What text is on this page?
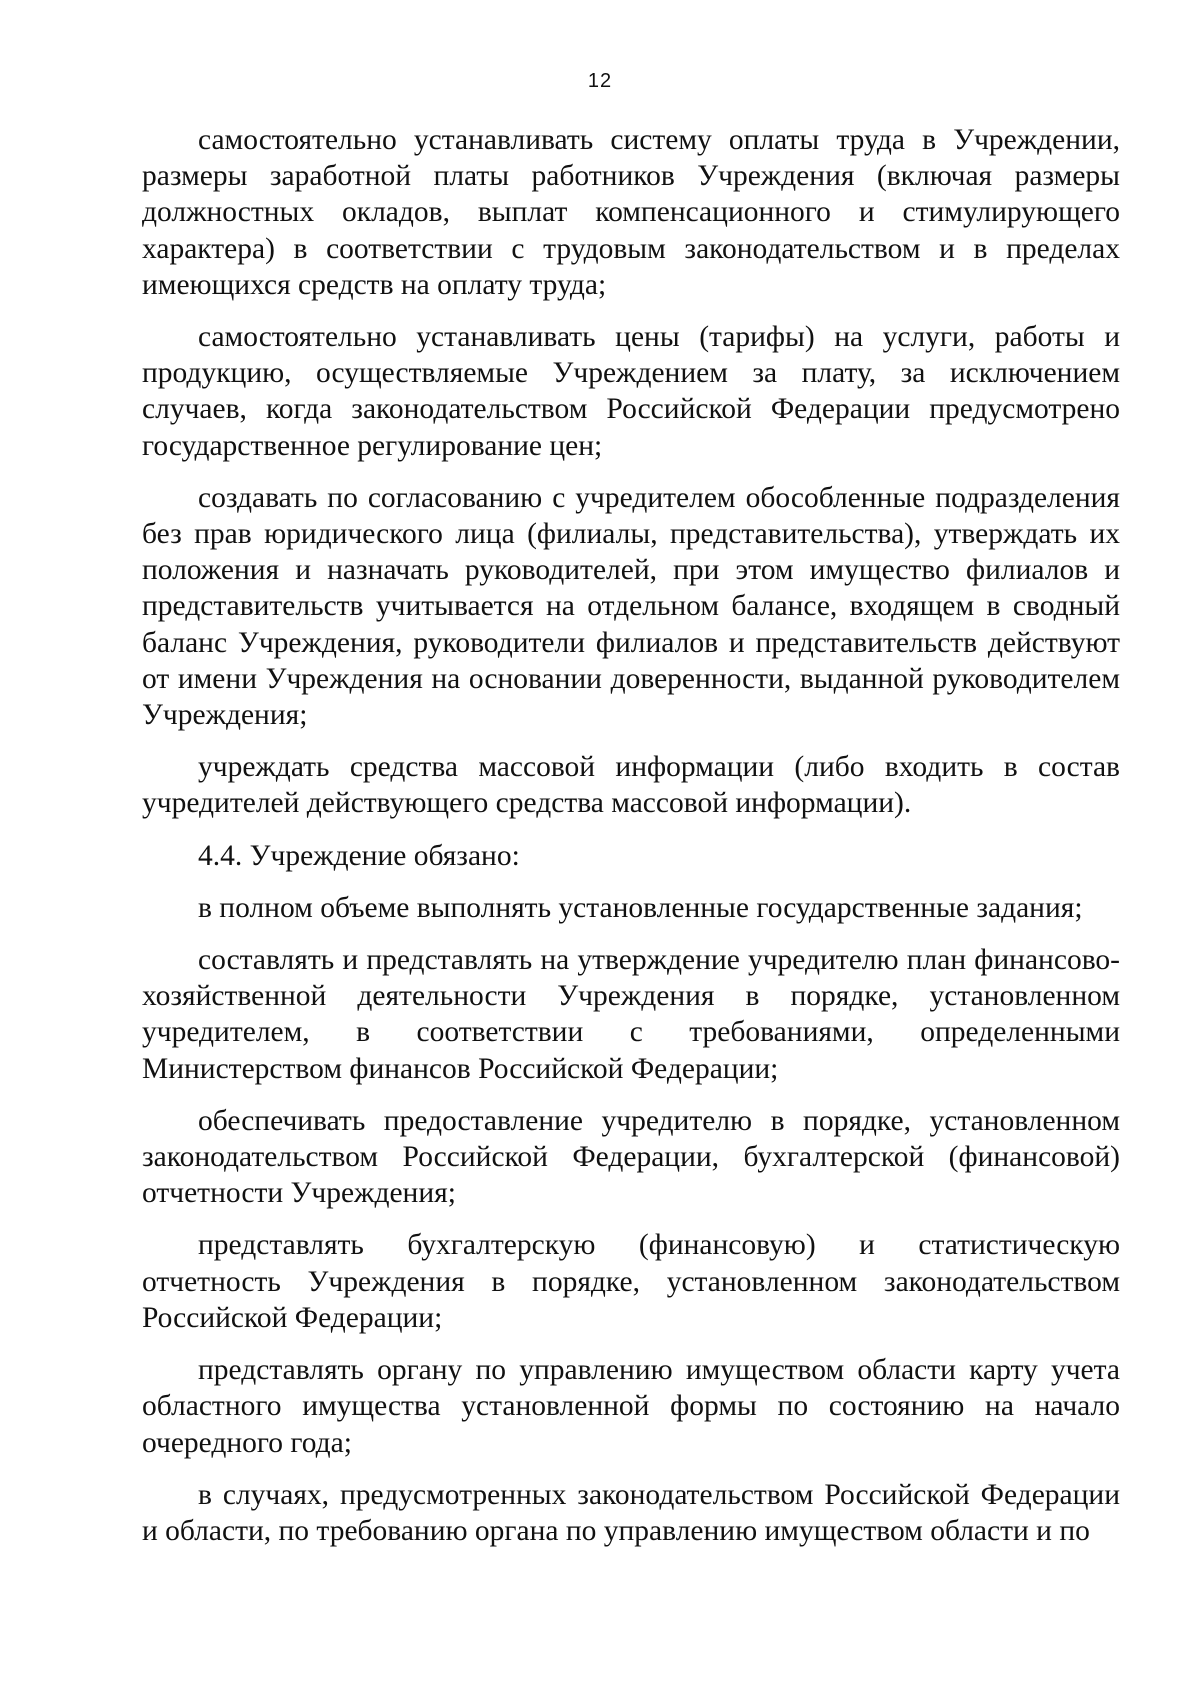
12

самостоятельно устанавливать систему оплаты труда в Учреждении, размеры заработной платы работников Учреждения (включая размеры должностных окладов, выплат компенсационного и стимулирующего характера) в соответствии с трудовым законодательством и в пределах имеющихся средств на оплату труда;

самостоятельно устанавливать цены (тарифы) на услуги, работы и продукцию, осуществляемые Учреждением за плату, за исключением случаев, когда законодательством Российской Федерации предусмотрено государственное регулирование цен;

создавать по согласованию с учредителем обособленные подразделения без прав юридического лица (филиалы, представительства), утверждать их положения и назначать руководителей, при этом имущество филиалов и представительств учитывается на отдельном балансе, входящем в сводный баланс Учреждения, руководители филиалов и представительств действуют от имени Учреждения на основании доверенности, выданной руководителем Учреждения;

учреждать средства массовой информации (либо входить в состав учредителей действующего средства массовой информации).

4.4. Учреждение обязано:

в полном объеме выполнять установленные государственные задания;

составлять и представлять на утверждение учредителю план финансово-хозяйственной деятельности Учреждения в порядке, установленном учредителем, в соответствии с требованиями, определенными Министерством финансов Российской Федерации;

обеспечивать предоставление учредителю в порядке, установленном законодательством Российской Федерации, бухгалтерской (финансовой) отчетности Учреждения;

представлять бухгалтерскую (финансовую) и статистическую отчетность Учреждения в порядке, установленном законодательством Российской Федерации;

представлять органу по управлению имуществом области карту учета областного имущества установленной формы по состоянию на начало очередного года;

в случаях, предусмотренных законодательством Российской Федерации и области, по требованию органа по управлению имуществом области и по
